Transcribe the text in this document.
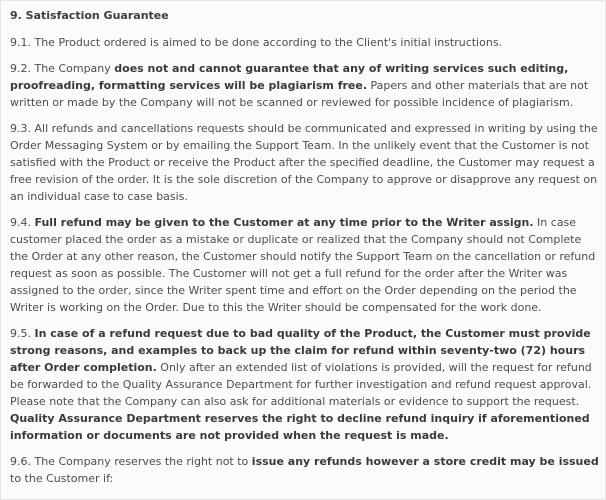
9. Satisfaction Guarantee

9.1. The Product ordered is aimed to be done according to the Client's initial instructions.

9.2. The Company does not and cannot guarantee that any of writing services such editing, proofreading, formatting services will be plagiarism free. Papers and other materials that are not written or made by the Company will not be scanned or reviewed for possible incidence of plagiarism.

9.3. All refunds and cancellations requests should be communicated and expressed in writing by using the Order Messaging System or by emailing the Support Team. In the unlikely event that the Customer is not satisfied with the Product or receive the Product after the specified deadline, the Customer may request a free revision of the order. It is the sole discretion of the Company to approve or disapprove any request on an individual case to case basis.

9.4. Full refund may be given to the Customer at any time prior to the Writer assign. In case customer placed the order as a mistake or duplicate or realized that the Company should not Complete the Order at any other reason, the Customer should notify the Support Team on the cancellation or refund request as soon as possible. The Customer will not get a full refund for the order after the Writer was assigned to the order, since the Writer spent time and effort on the Order depending on the period the Writer is working on the Order. Due to this the Writer should be compensated for the work done.

9.5. In case of a refund request due to bad quality of the Product, the Customer must provide strong reasons, and examples to back up the claim for refund within seventy-two (72) hours after Order completion. Only after an extended list of violations is provided, will the request for refund be forwarded to the Quality Assurance Department for further investigation and refund request approval. Please note that the Company can also ask for additional materials or evidence to support the request. Quality Assurance Department reserves the right to decline refund inquiry if aforementioned information or documents are not provided when the request is made.

9.6. The Company reserves the right not to issue any refunds however a store credit may be issued to the Customer if:
